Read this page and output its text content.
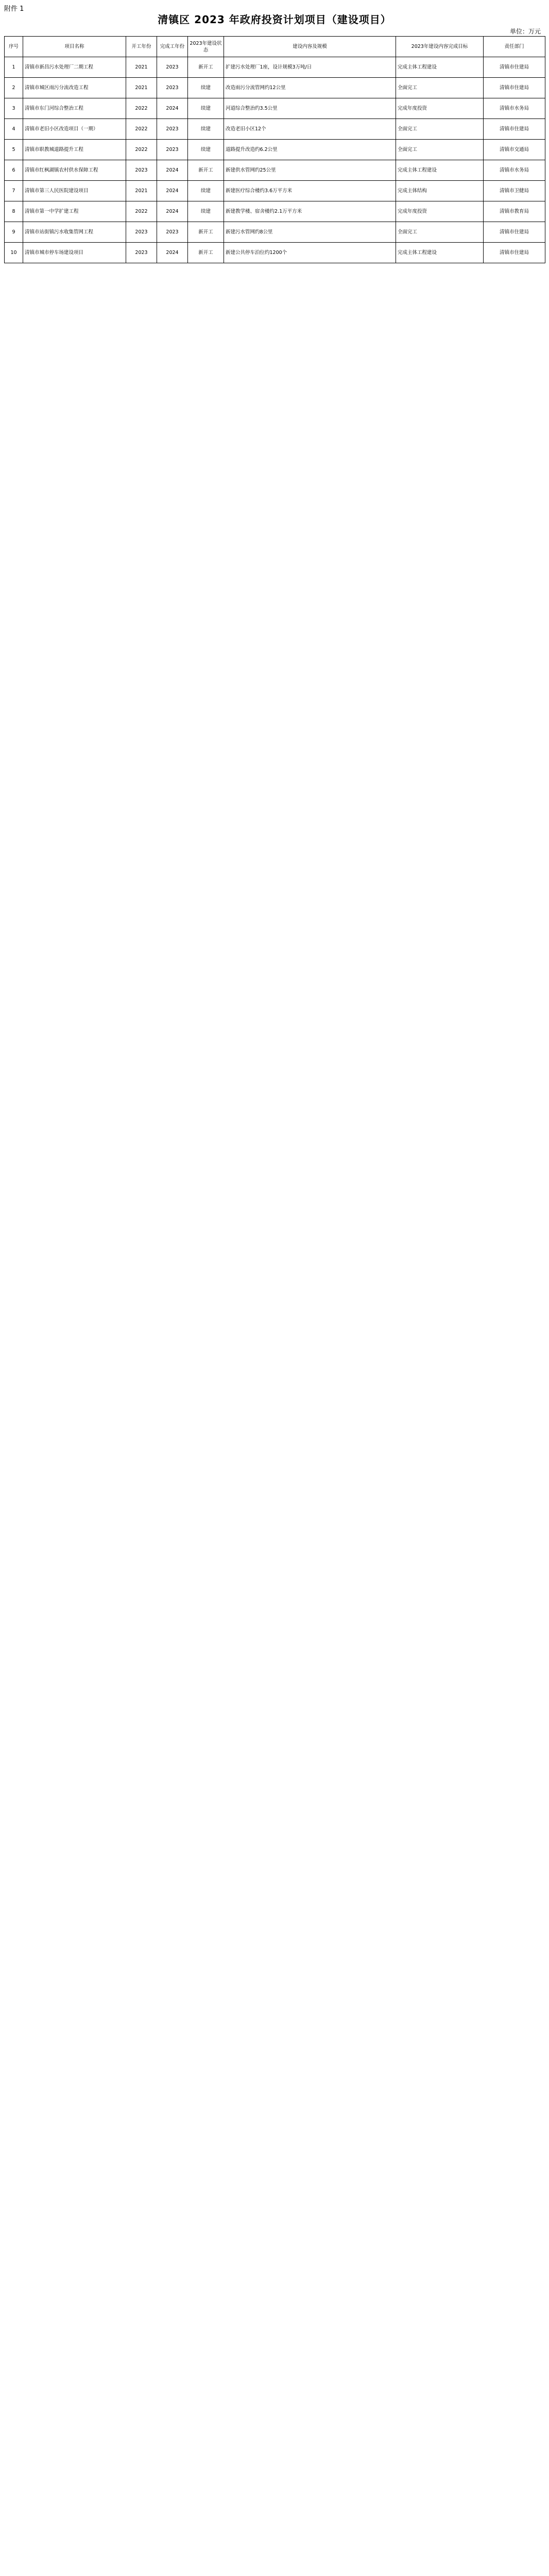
附件 1
清镇区 2023 年政府投资计划项目（建设项目）
单位：万元
序号	项目名称	开工年份	完成工年份	2023年建设状态	建设内容及规模	2023年建设内容完成目标	责任部门
1	清镇市新昌污水处理厂二期工程	2021	2023	新开工	扩建污水处理厂1座，设计规模3万吨/日	完成主体工程建设	清镇市住建局
2	清镇市城区雨污分流改造工程	2021	2023	续建	改造雨污分流管网约12公里	全面完工	清镇市住建局
3	清镇市东门河综合整治工程	2022	2024	续建	河道综合整治约3.5公里	完成年度投资	清镇市水务局
4	清镇市老旧小区改造项目（一期）	2022	2023	续建	改造老旧小区12个	全面完工	清镇市住建局
5	清镇市职教城道路提升工程	2022	2023	续建	道路提升改造约6.2公里	全面完工	清镇市交通局
6	清镇市红枫湖镇农村供水保障工程	2023	2024	新开工	新建供水管网约25公里	完成主体工程建设	清镇市水务局
7	清镇市第三人民医院建设项目	2021	2024	续建	新建医疗综合楼约3.6万平方米	完成主体结构	清镇市卫健局
8	清镇市第一中学扩建工程	2022	2024	续建	新建教学楼、宿舍楼约2.1万平方米	完成年度投资	清镇市教育局
9	清镇市站街镇污水收集管网工程	2023	2023	新开工	新建污水管网约8公里	全面完工	清镇市住建局
10	清镇市城市停车场建设项目	2023	2024	新开工	新建公共停车泊位约1200个	完成主体工程建设	清镇市住建局
